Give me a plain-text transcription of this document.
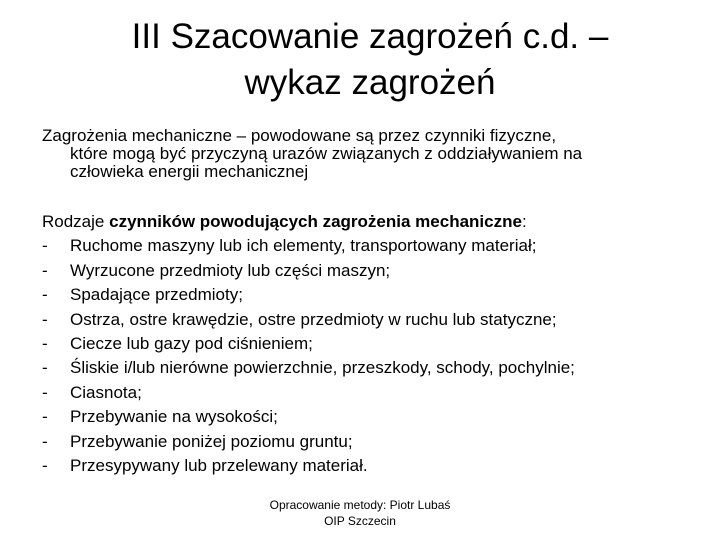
III Szacowanie zagrożeń c.d. –
wykaz zagrożeń
Zagrożenia mechaniczne – powodowane są przez czynniki fizyczne,
które mogą być przyczyną urazów związanych z oddziaływaniem na
człowieka energii mechanicznej
Rodzaje czynników powodujących zagrożenia mechaniczne:
- Ruchome maszyny lub ich elementy, transportowany materiał;
- Wyrzucone przedmioty lub części maszyn;
- Spadające przedmioty;
- Ostrza, ostre krawędzie, ostre przedmioty w ruchu lub statyczne;
- Ciecze lub gazy pod ciśnieniem;
- Śliskie i/lub nierówne powierzchnie, przeszkody, schody, pochylnie;
- Ciasnota;
- Przebywanie na wysokości;
- Przebywanie poniżej poziomu gruntu;
- Przesypywany lub przelewany materiał.
Opracowanie metody: Piotr Lubaś
OIP Szczecin
